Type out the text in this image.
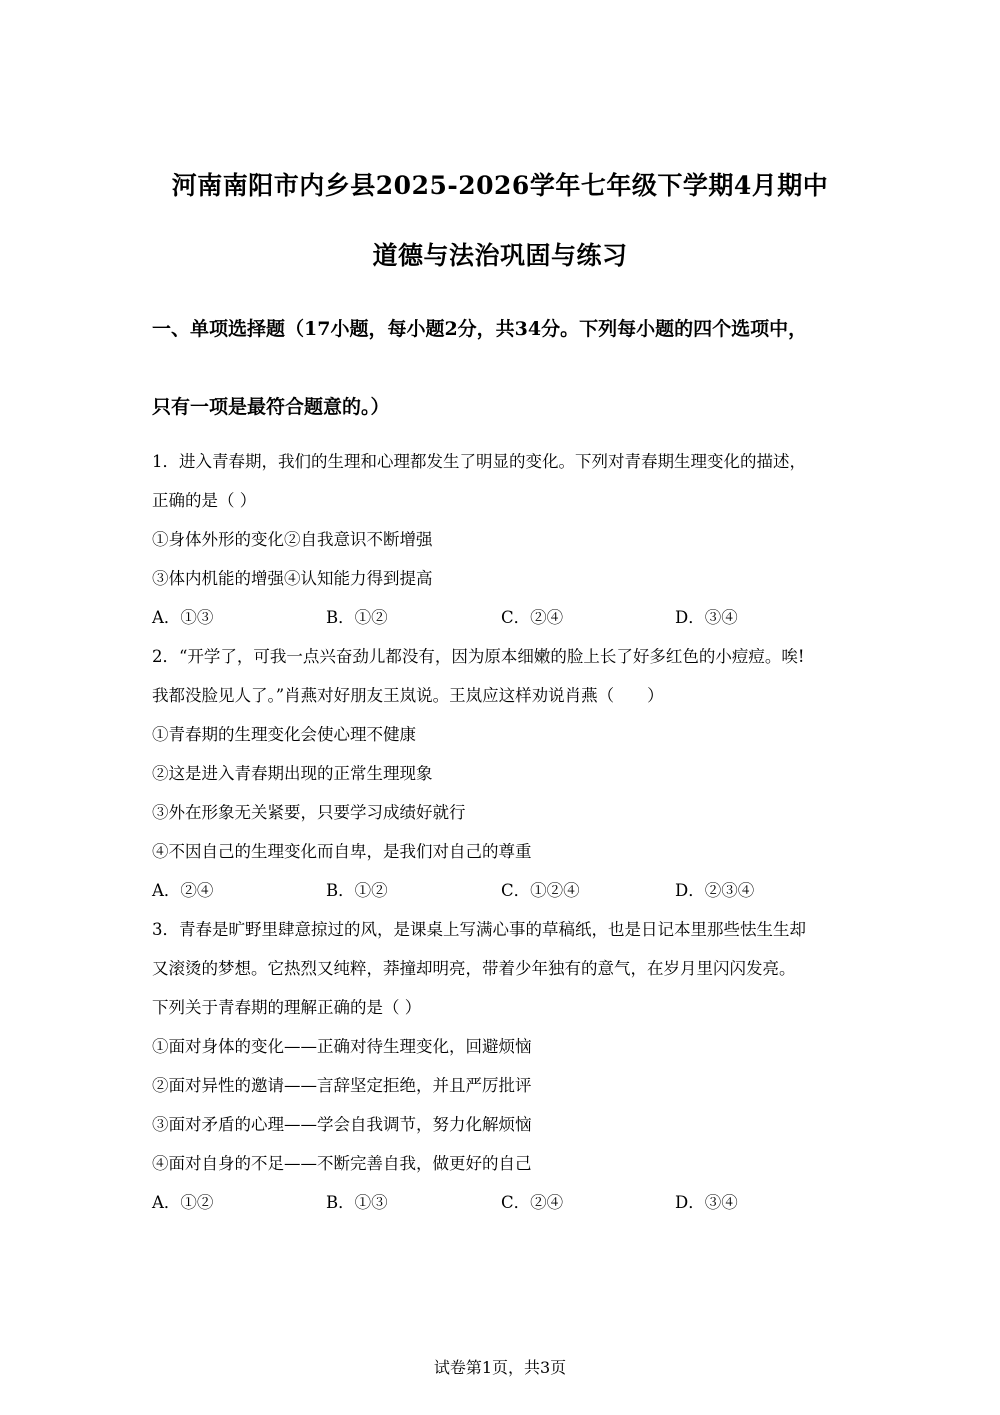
河南南阳市内乡县2025-2026学年七年级下学期4月期中
道德与法治巩固与练习
一、单项选择题（17小题，每小题2分，共34分。下列每小题的四个选项中，
只有一项是最符合题意的。）
1．进入青春期，我们的生理和心理都发生了明显的变化。下列对青春期生理变化的描述，
正确的是（ ）
①身体外形的变化②自我意识不断增强
③体内机能的增强④认知能力得到提高
A．①③	B．①②	C．②④	D．③④
2．“开学了，可我一点兴奋劲儿都没有，因为原本细嫩的脸上长了好多红色的小痘痘。唉!
我都没脸见人了。”肖燕对好朋友王岚说。王岚应这样劝说肖燕（　　）
①青春期的生理变化会使心理不健康
②这是进入青春期出现的正常生理现象
③外在形象无关紧要，只要学习成绩好就行
④不因自己的生理变化而自卑，是我们对自己的尊重
A．②④	B．①②	C．①②④	D．②③④
3．青春是旷野里肆意掠过的风，是课桌上写满心事的草稿纸，也是日记本里那些怯生生却
又滚烫的梦想。它热烈又纯粹，莽撞却明亮，带着少年独有的意气，在岁月里闪闪发亮。
下列关于青春期的理解正确的是（ ）
①面对身体的变化——正确对待生理变化，回避烦恼
②面对异性的邀请——言辞坚定拒绝，并且严厉批评
③面对矛盾的心理——学会自我调节，努力化解烦恼
④面对自身的不足——不断完善自我，做更好的自己
A．①②	B．①③	C．②④	D．③④
试卷第1页，共3页
